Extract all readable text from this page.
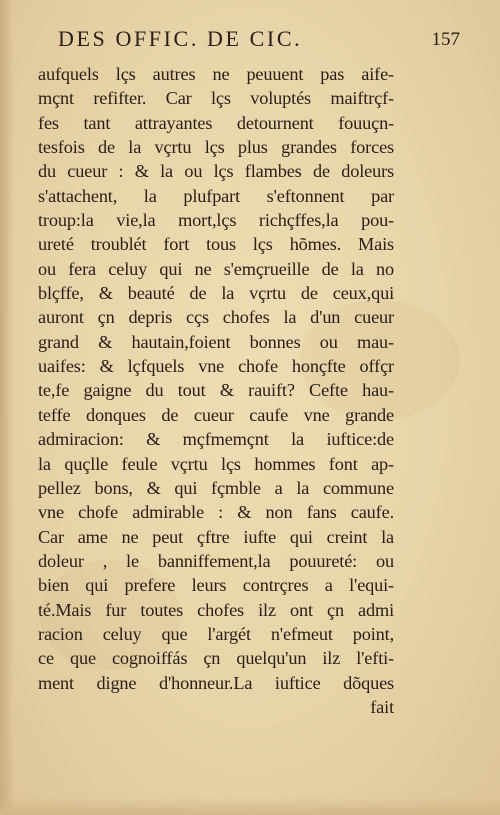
DES OFFIC. DE CIC.	157
aufquels lçs autres ne peuuent pas aife-
mçnt refifter. Car lçs voluptés maiftrçf-
fes tant attrayantes detournent fouuçn-
tesfois de la vçrtu lçs plus grandes forces
du cueur : & la ou lçs flambes de doleurs
s'attachent, la plufpart s'eftonnent par
troup:la vie,la mort,lçs richçffes,la pou-
ureté troublét fort tous lçs hõmes. Mais
ou fera celuy qui ne s'emçrueille de la no
blçffe, & beauté de la vçrtu de ceux,qui
auront çn depris cçs chofes la d'un cueur
grand & hautain,foient bonnes ou mau-
uaifes: & lçfquels vne chofe honçfte offçr
te,fe gaigne du tout & rauift? Cefte hau-
teffe donques de cueur caufe vne grande
admiracion: & mçfmemçnt la iuftice:de
la quçlle feule vçrtu lçs hommes font ap-
pellez bons, & qui fçmble a la commune
vne chofe admirable : & non fans caufe.
Car ame ne peut çftre iufte qui creint la
doleur , le banniffement,la pouureté: ou
bien qui prefere leurs contrçres a l'equi-
té.Mais fur toutes chofes ilz ont çn admi
racion celuy que l'argét n'efmeut point,
ce que cognoiffás çn quelqu'un ilz l'efti-
ment digne d'honneur.La iuftice dõques
fait
